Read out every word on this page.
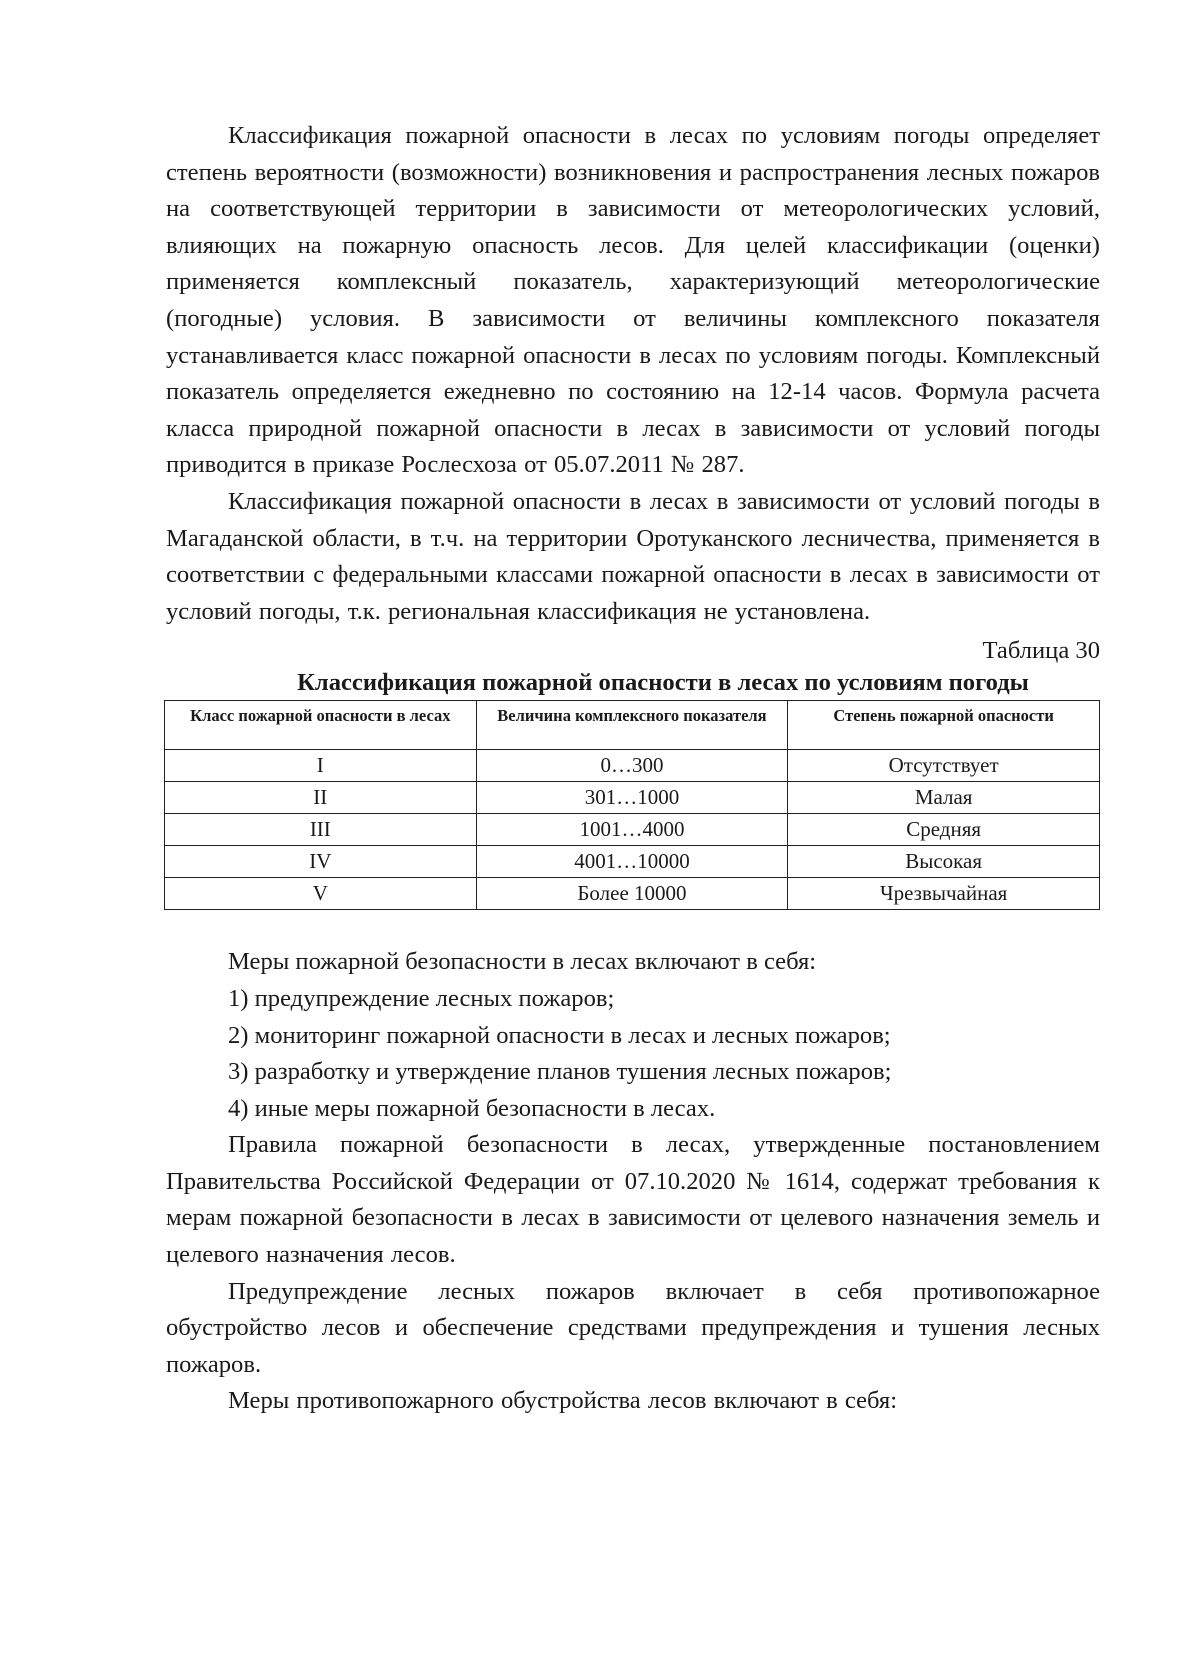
Классификация пожарной опасности в лесах по условиям погоды определяет степень вероятности (возможности) возникновения и распространения лесных пожаров на соответствующей территории в зависимости от метеорологических условий, влияющих на пожарную опасность лесов. Для целей классификации (оценки) применяется комплексный показатель, характеризующий метеорологические (погодные) условия. В зависимости от величины комплексного показателя устанавливается класс пожарной опасности в лесах по условиям погоды. Комплексный показатель определяется ежедневно по состоянию на 12-14 часов. Формула расчета класса природной пожарной опасности в лесах в зависимости от условий погоды приводится в приказе Рослесхоза от 05.07.2011 № 287.

Классификация пожарной опасности в лесах в зависимости от условий погоды в Магаданской области, в т.ч. на территории Оротуканского лесничества, применяется в соответствии с федеральными классами пожарной опасности в лесах в зависимости от условий погоды, т.к. региональная классификация не установлена.

Таблица 30
Классификация пожарной опасности в лесах по условиям погоды
Класс пожарной опасности в лесах	Величина комплексного показателя	Степень пожарной опасности
I	0…300	Отсутствует
II	301…1000	Малая
III	1001…4000	Средняя
IV	4001…10000	Высокая
V	Более 10000	Чрезвычайная

Меры пожарной безопасности в лесах включают в себя:

1) предупреждение лесных пожаров;

2) мониторинг пожарной опасности в лесах и лесных пожаров;

3) разработку и утверждение планов тушения лесных пожаров;

4) иные меры пожарной безопасности в лесах.

Правила пожарной безопасности в лесах, утвержденные постановлением Правительства Российской Федерации от 07.10.2020 № 1614, содержат требования к мерам пожарной безопасности в лесах в зависимости от целевого назначения земель и целевого назначения лесов.

Предупреждение лесных пожаров включает в себя противопожарное обустройство лесов и обеспечение средствами предупреждения и тушения лесных пожаров.

Меры противопожарного обустройства лесов включают в себя:
